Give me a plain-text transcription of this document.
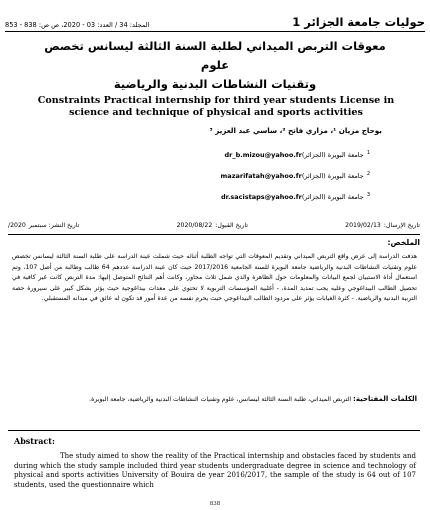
المجلد: 34 / العدد: 03 - 2020، ص ص: 838 - 853	حوليات جامعة الجزائر 1
معوقات التربص الميداني لطلبة السنة الثالثة ليسانس تخصص علوم
وتقنيات النشاطات البدنية والرياضية
Constraints Practical internship for third year students License in
science and technique of physical and sports activities
بوحاج مزيان ¹، مزاري فاتح ²، ساسي عبد العزيز ³
$^1$جامعة البويرة (الجزائر)dr_b.mizou@yahoo.fr
$^2$جامعة البويرة (الجزائر)mazarifatah@yahoo.fr
$^3$جامعة البويرة (الجزائر)dr.sacistaps@yahoo.fr
تاريخ الإرسال:2019/02/13
تاريخ القبول:2020/08/22
تاريخ النشر: سبتمبر2020/
الملخص:
هدفت الدراسة إلى عرض واقع التربص الميداني وتقديم المعوقات التي تواجه الطلبة أثنائه حيث شملت عينة الدراسة على طلبة السنة الثالثة ليسانس تخصص علوم وتقنيات النشاطات البدنية والرياضية جامعة البويرة للسنة الجامعية 2017/2016 حيث كان عينة الدراسة عددهم 64 طالب وطالبة من أصل 107، وتم استعمال أداة الاستبيان لجمع البيانات والمعلومات حول الظاهرة والذي شمل ثلاث محاور، وكانت أهم النتائج المتوصل إليها: مدة التربص كانت غير كافية في تحصيل الطالب البيداغوجي وعليه يجب تمديد المدة، - أغلبية المؤسسات التربوية لا تحتوي على معدات بيداغوجية حيث يؤثر بشكل كبير على سيرورة حصة التربية البدنية والرياضية. - كثرة الغيابات يؤثر على مردود الطالب البيداغوجي حيث يحرم نفسه من عدة أمور قد تكون له عائق في ميدانه المستقبلي.
الكلمات المفتاحية: التربص الميداني، طلبة السنة الثالثة ليسانس، علوم وتقنيات النشاطات البدنية والرياضية، جامعة البويرة.
Abstract:
The study aimed to show the reality of the Practical internship and obstacles faced by students and during which the study sample included third year students undergraduate degree in science and technology of physical and sports activities University of Bouira de year 2016/2017, the sample of the study is 64 out of 107 students, used the questionnaire which
838
